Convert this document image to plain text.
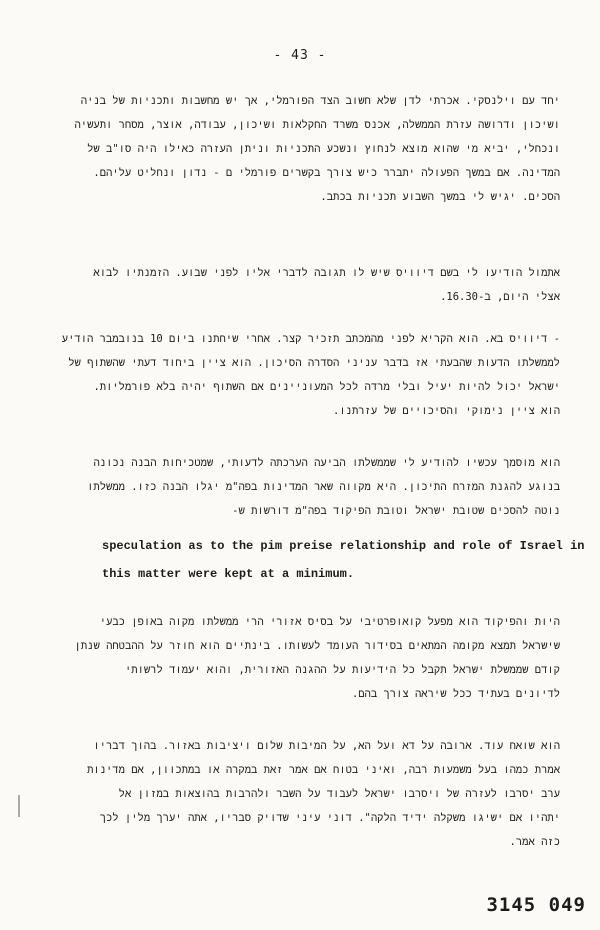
- 43 -
יחד עם וילנסקי. אכרתי לדן שלא חשוב הצד הפורמלי, אך יש מחשבות ותכניות של בניה
ושיכון ודרושה עזרת הממשלה, אכנס משרד החקלאות ושיכון, עבודה, אוצר, מסחר ותעשיה
ונכחלי, יביא מי שהוא מוצא לנחוץ ונשכע התכניות וניתן העזרה כאילו היה סו"ב של
המדינה. אם במשך הפעולה יתברר כיש צורך בקשרים פורמלי ם - נדון ונחליט עליהם.
הסכים. יגיש לי במשך השבוע תכניות בכתב.
אתמול הודיעו לי בשם דיוויס שיש לו תגובה לדברי אליו לפני שבוע. הזמנתיו לבוא
אצלי היום, ב-16.30.
- דיוויס בא. הוא הקריא לפני מהמכתב תזכיר קצר. אחרי שיחתנו ביום 10 בנובמבר הודיע
לממשלתו הדעות שהבעתי אז בדבר עניני הסדרה הסיכון. הוא ציין ביחוד דעתי שהשתוף של
ישראל יכול להיות יעיל ובלי מרדה לכל המעוניינים אם השתוף יהיה בלא פורמליות.
הוא ציין נימוקי והסיכויים של עזרתנו.
הוא מוסמך עכשיו להודיע לי שממשלתו הביעה הערכתה לדעותי, שמטכיחות הבנה נכונה
בנוגע להגנת המזרח התיכון. היא מקווה שאר המדינות בפה"מ יגלו הבנה כזו. ממשלתו
נוטה להסכים שטובת ישראל וטובת הפיקוד בפה"מ דורשות ש-
speculation as to the pim preise relationship and role of Israel in
this matter were kept at a minimum.
היות והפיקוד הוא מפעל קואופרטיבי על בסיס אזורי הרי ממשלתו מקוה באופן כבעי
שישראל תמצא מקומה המתאים בסידור העומד לעשותו. בינתיים הוא חוזר על ההבטחה שנתן
קודם שממשלת ישראל תקבל כל הידיעות על ההגנה האזורית, והוא יעמוד לרשותי
לדיונים בעתיד ככל שיראה צורך בהם.
הוא שואח עוד. ארובה על דא ועל הא, על המיבות שלום ויציבות באזור. בהוך דבריו
אמרת כמהו בעל משמעות רבה, ואיני בטוח אם אמר זאת במקרה או במתכוון, אם מדינות
ערב יסרבו לעזרה של ויסרבו ישראל לעבוד על השבר ולהרבות בהוצאות במזון אל
יתהיו אם ישיגו משקלה ידיד הלקה". דוני עיני שדויק סבריו, אתה יערך מלין לכך
כזה אמר.
3145 049
